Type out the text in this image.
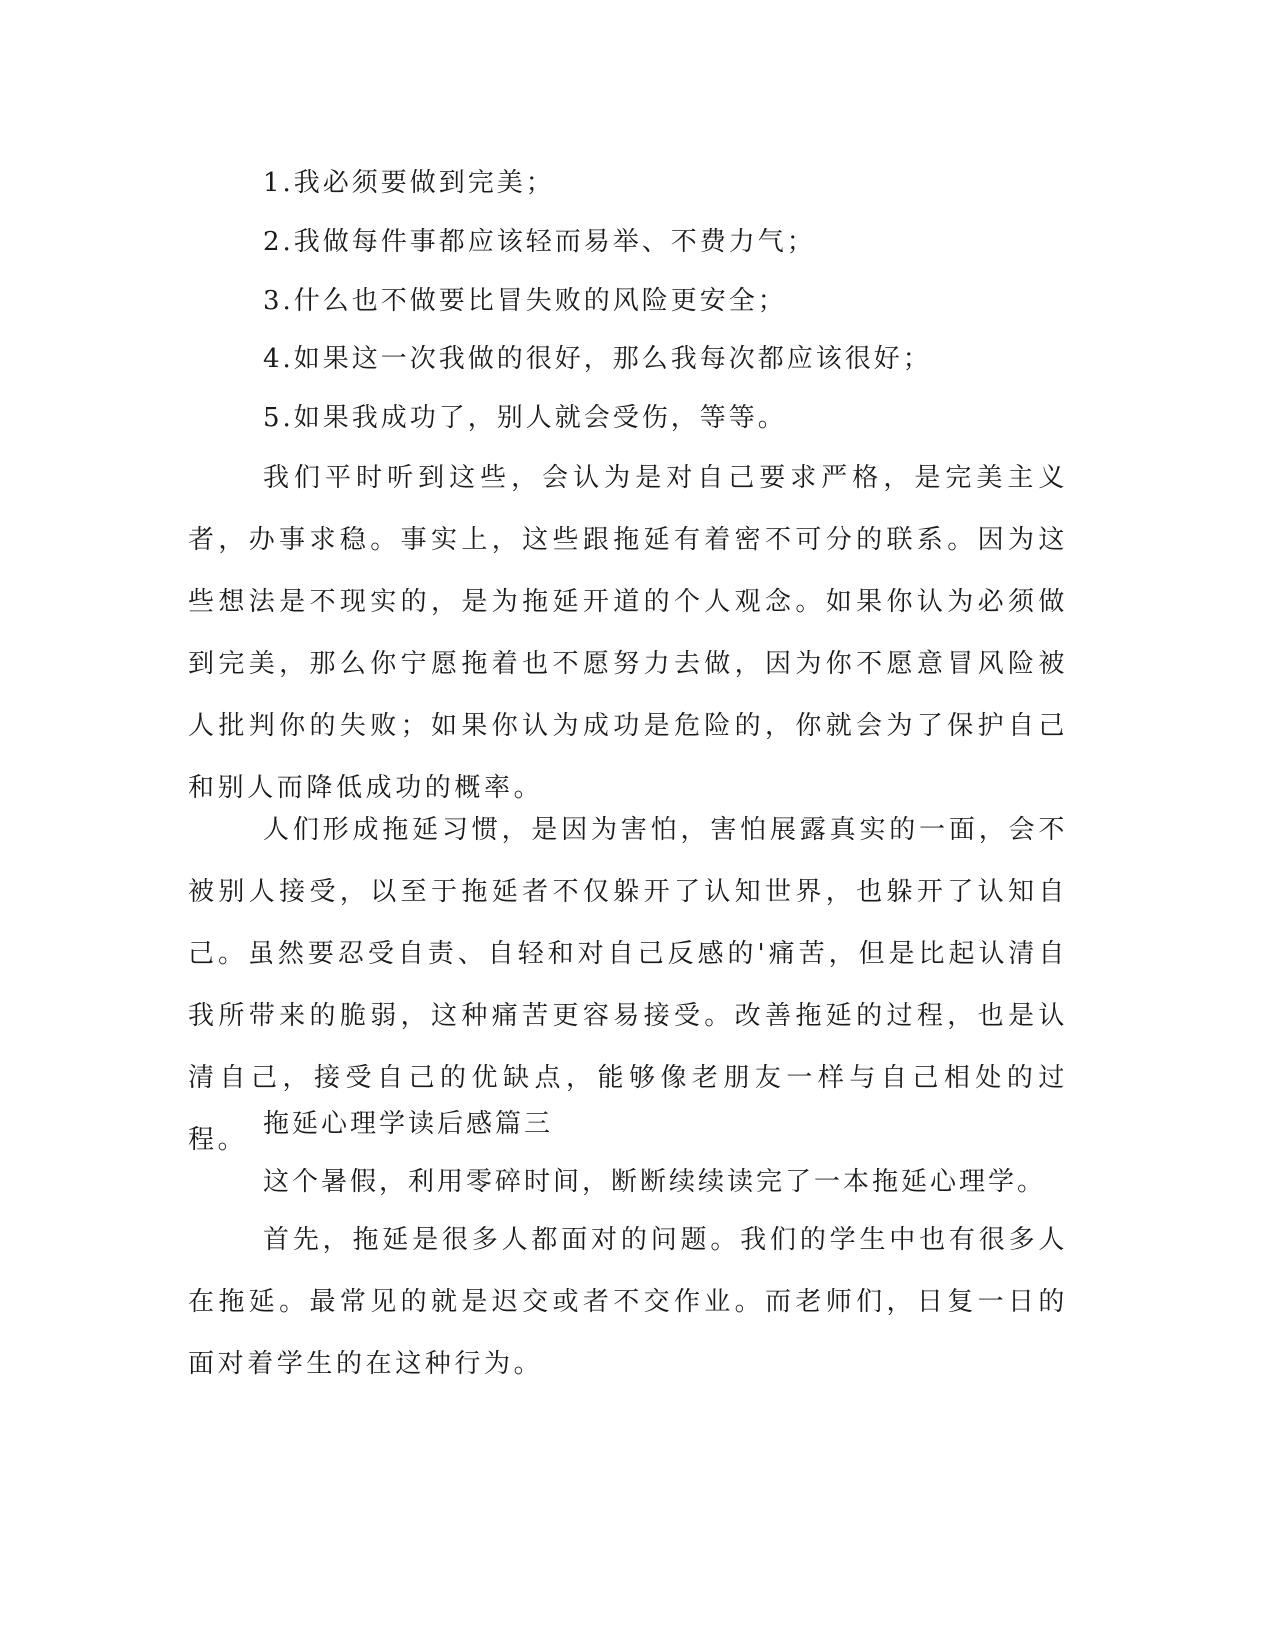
1.我必须要做到完美；
2.我做每件事都应该轻而易举、不费力气；
3.什么也不做要比冒失败的风险更安全；
4.如果这一次我做的很好，那么我每次都应该很好；
5.如果我成功了，别人就会受伤，等等。
我们平时听到这些，会认为是对自己要求严格，是完美主义者，办事求稳。事实上，这些跟拖延有着密不可分的联系。因为这些想法是不现实的，是为拖延开道的个人观念。如果你认为必须做到完美，那么你宁愿拖着也不愿努力去做，因为你不愿意冒风险被人批判你的失败；如果你认为成功是危险的，你就会为了保护自己和别人而降低成功的概率。
人们形成拖延习惯，是因为害怕，害怕展露真实的一面，会不被别人接受，以至于拖延者不仅躲开了认知世界，也躲开了认知自己。虽然要忍受自责、自轻和对自己反感的'痛苦，但是比起认清自我所带来的脆弱，这种痛苦更容易接受。改善拖延的过程，也是认清自己，接受自己的优缺点，能够像老朋友一样与自己相处的过程。
拖延心理学读后感篇三
这个暑假，利用零碎时间，断断续续读完了一本拖延心理学。
首先，拖延是很多人都面对的问题。我们的学生中也有很多人在拖延。最常见的就是迟交或者不交作业。而老师们，日复一日的面对着学生的在这种行为。
